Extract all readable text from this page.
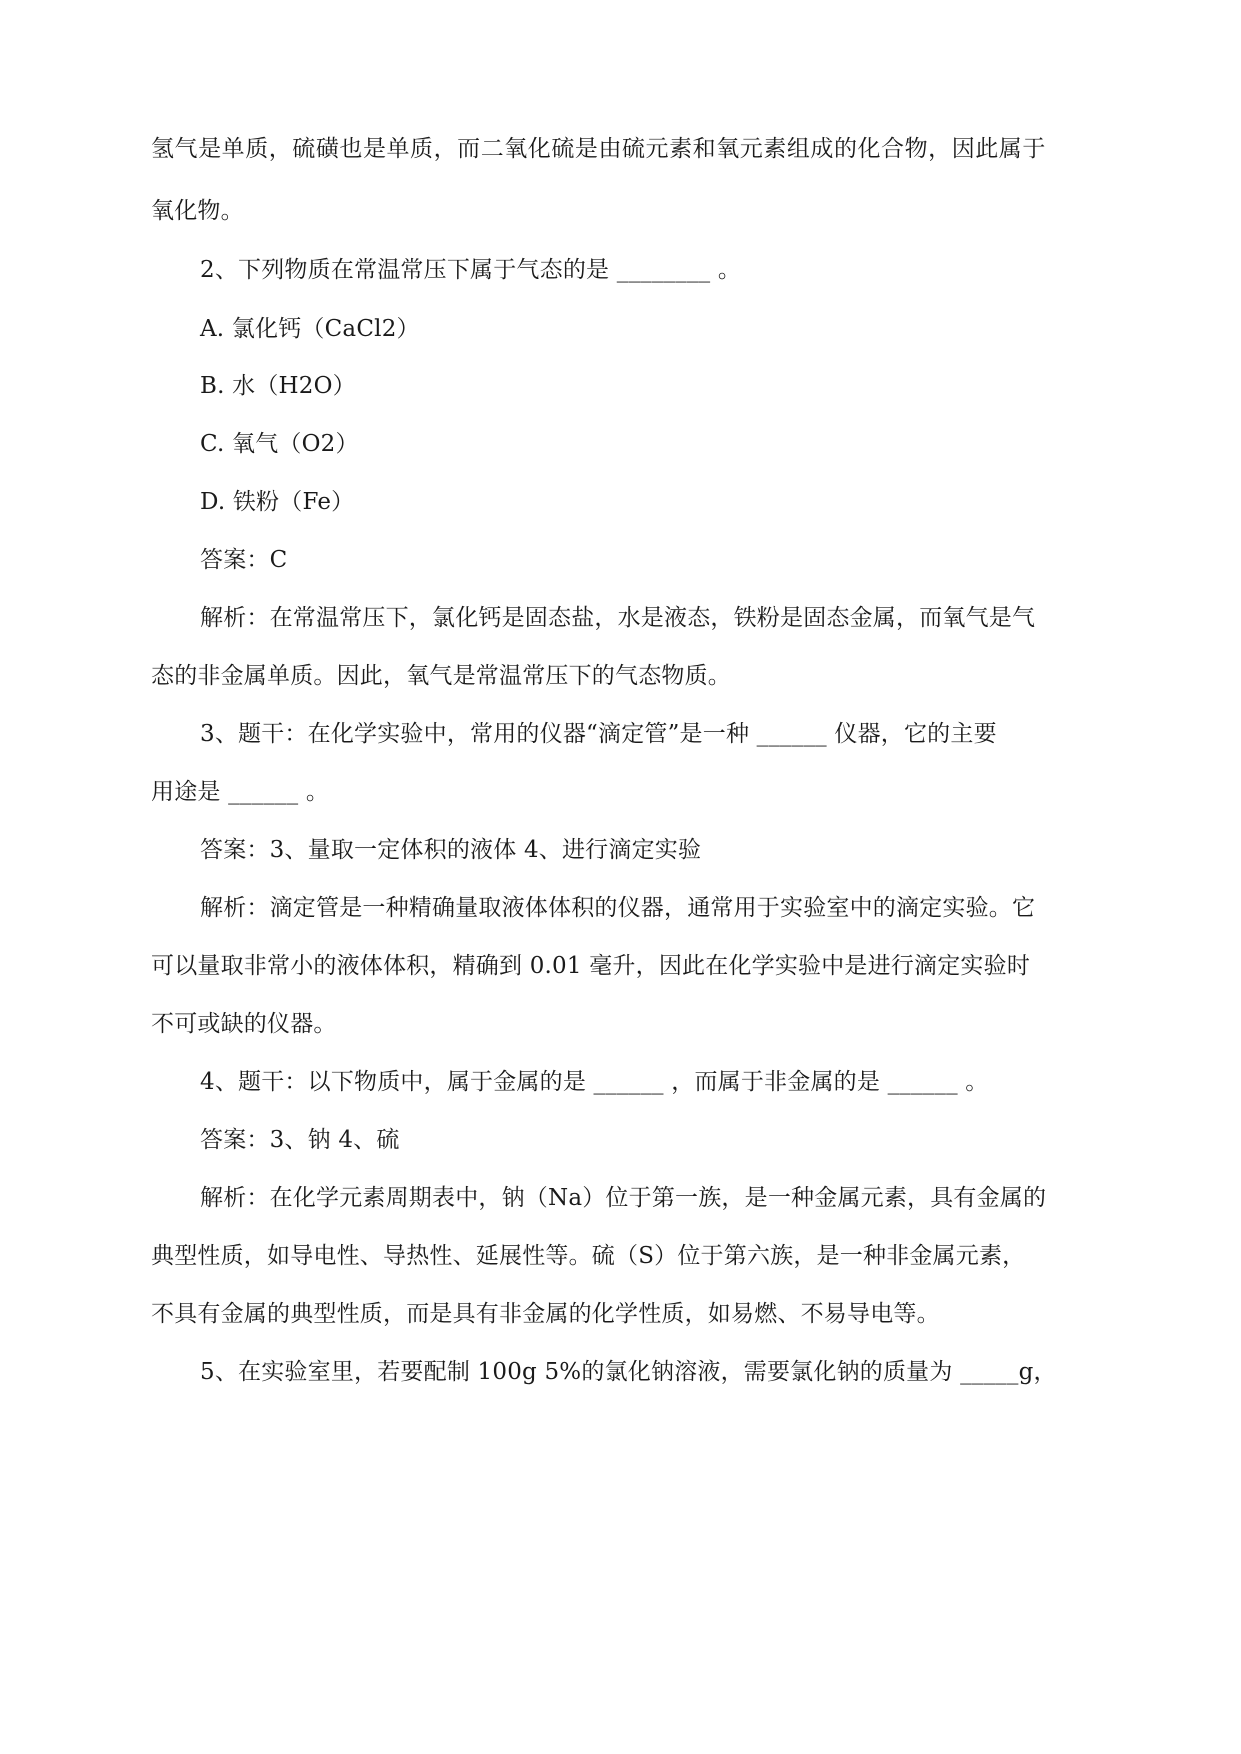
氢气是单质，硫磺也是单质，而二氧化硫是由硫元素和氧元素组成的化合物，因此属于
氧化物。
2、下列物质在常温常压下属于气态的是 ________ 。
A. 氯化钙（CaCl2）
B. 水（H2O）
C. 氧气（O2）
D. 铁粉（Fe）
答案：C
解析：在常温常压下，氯化钙是固态盐，水是液态，铁粉是固态金属，而氧气是气
态的非金属单质。因此，氧气是常温常压下的气态物质。
3、题干：在化学实验中，常用的仪器“滴定管”是一种 ______ 仪器，它的主要
用途是 ______ 。
答案：3、量取一定体积的液体 4、进行滴定实验
解析：滴定管是一种精确量取液体体积的仪器，通常用于实验室中的滴定实验。它
可以量取非常小的液体体积，精确到 0.01 毫升，因此在化学实验中是进行滴定实验时
不可或缺的仪器。
4、题干：以下物质中，属于金属的是 ______ ，而属于非金属的是 ______ 。
答案：3、钠 4、硫
解析：在化学元素周期表中，钠（Na）位于第一族，是一种金属元素，具有金属的
典型性质，如导电性、导热性、延展性等。硫（S）位于第六族，是一种非金属元素，
不具有金属的典型性质，而是具有非金属的化学性质，如易燃、不易导电等。
5、在实验室里，若要配制 100g 5%的氯化钠溶液，需要氯化钠的质量为 _____g，
